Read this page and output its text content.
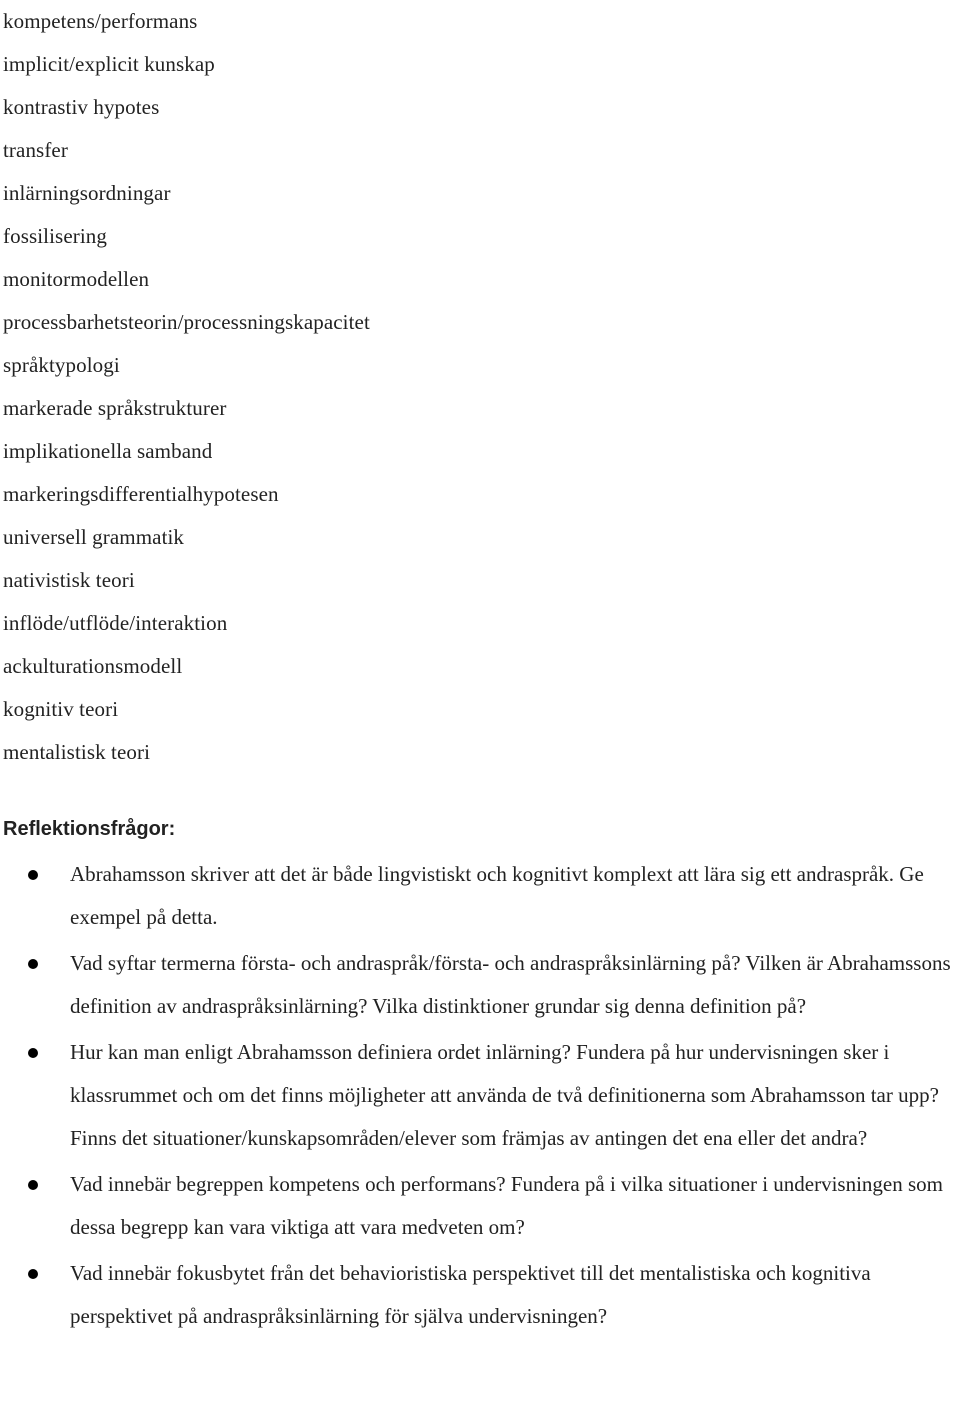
kompetens/performans
implicit/explicit kunskap
kontrastiv hypotes
transfer
inlärningsordningar
fossilisering
monitormodellen
processbarhetsteorin/processningskapacitet
språktypologi
markerade språkstrukturer
implikationella samband
markeringsdifferentialhypotesen
universell grammatik
nativistisk teori
inflöde/utflöde/interaktion
ackulturationsmodell
kognitiv teori
mentalistisk teori
Reflektionsfrågor:
Abrahamsson skriver att det är både lingvistiskt och kognitivt komplext att lära sig ett andraspråk. Ge exempel på detta.
Vad syftar termerna första- och andraspråk/första- och andraspråksinlärning på? Vilken är Abrahamssons definition av andraspråksinlärning? Vilka distinktioner grundar sig denna definition på?
Hur kan man enligt Abrahamsson definiera ordet inlärning? Fundera på hur undervisningen sker i klassrummet och om det finns möjligheter att använda de två definitionerna som Abrahamsson tar upp? Finns det situationer/kunskapsområden/elever som främjas av antingen det ena eller det andra?
Vad innebär begreppen kompetens och performans? Fundera på i vilka situationer i undervisningen som dessa begrepp kan vara viktiga att vara medveten om?
Vad innebär fokusbytet från det behavioristiska perspektivet till det mentalistiska och kognitiva perspektivet på andraspråksinlärning för själva undervisningen?
